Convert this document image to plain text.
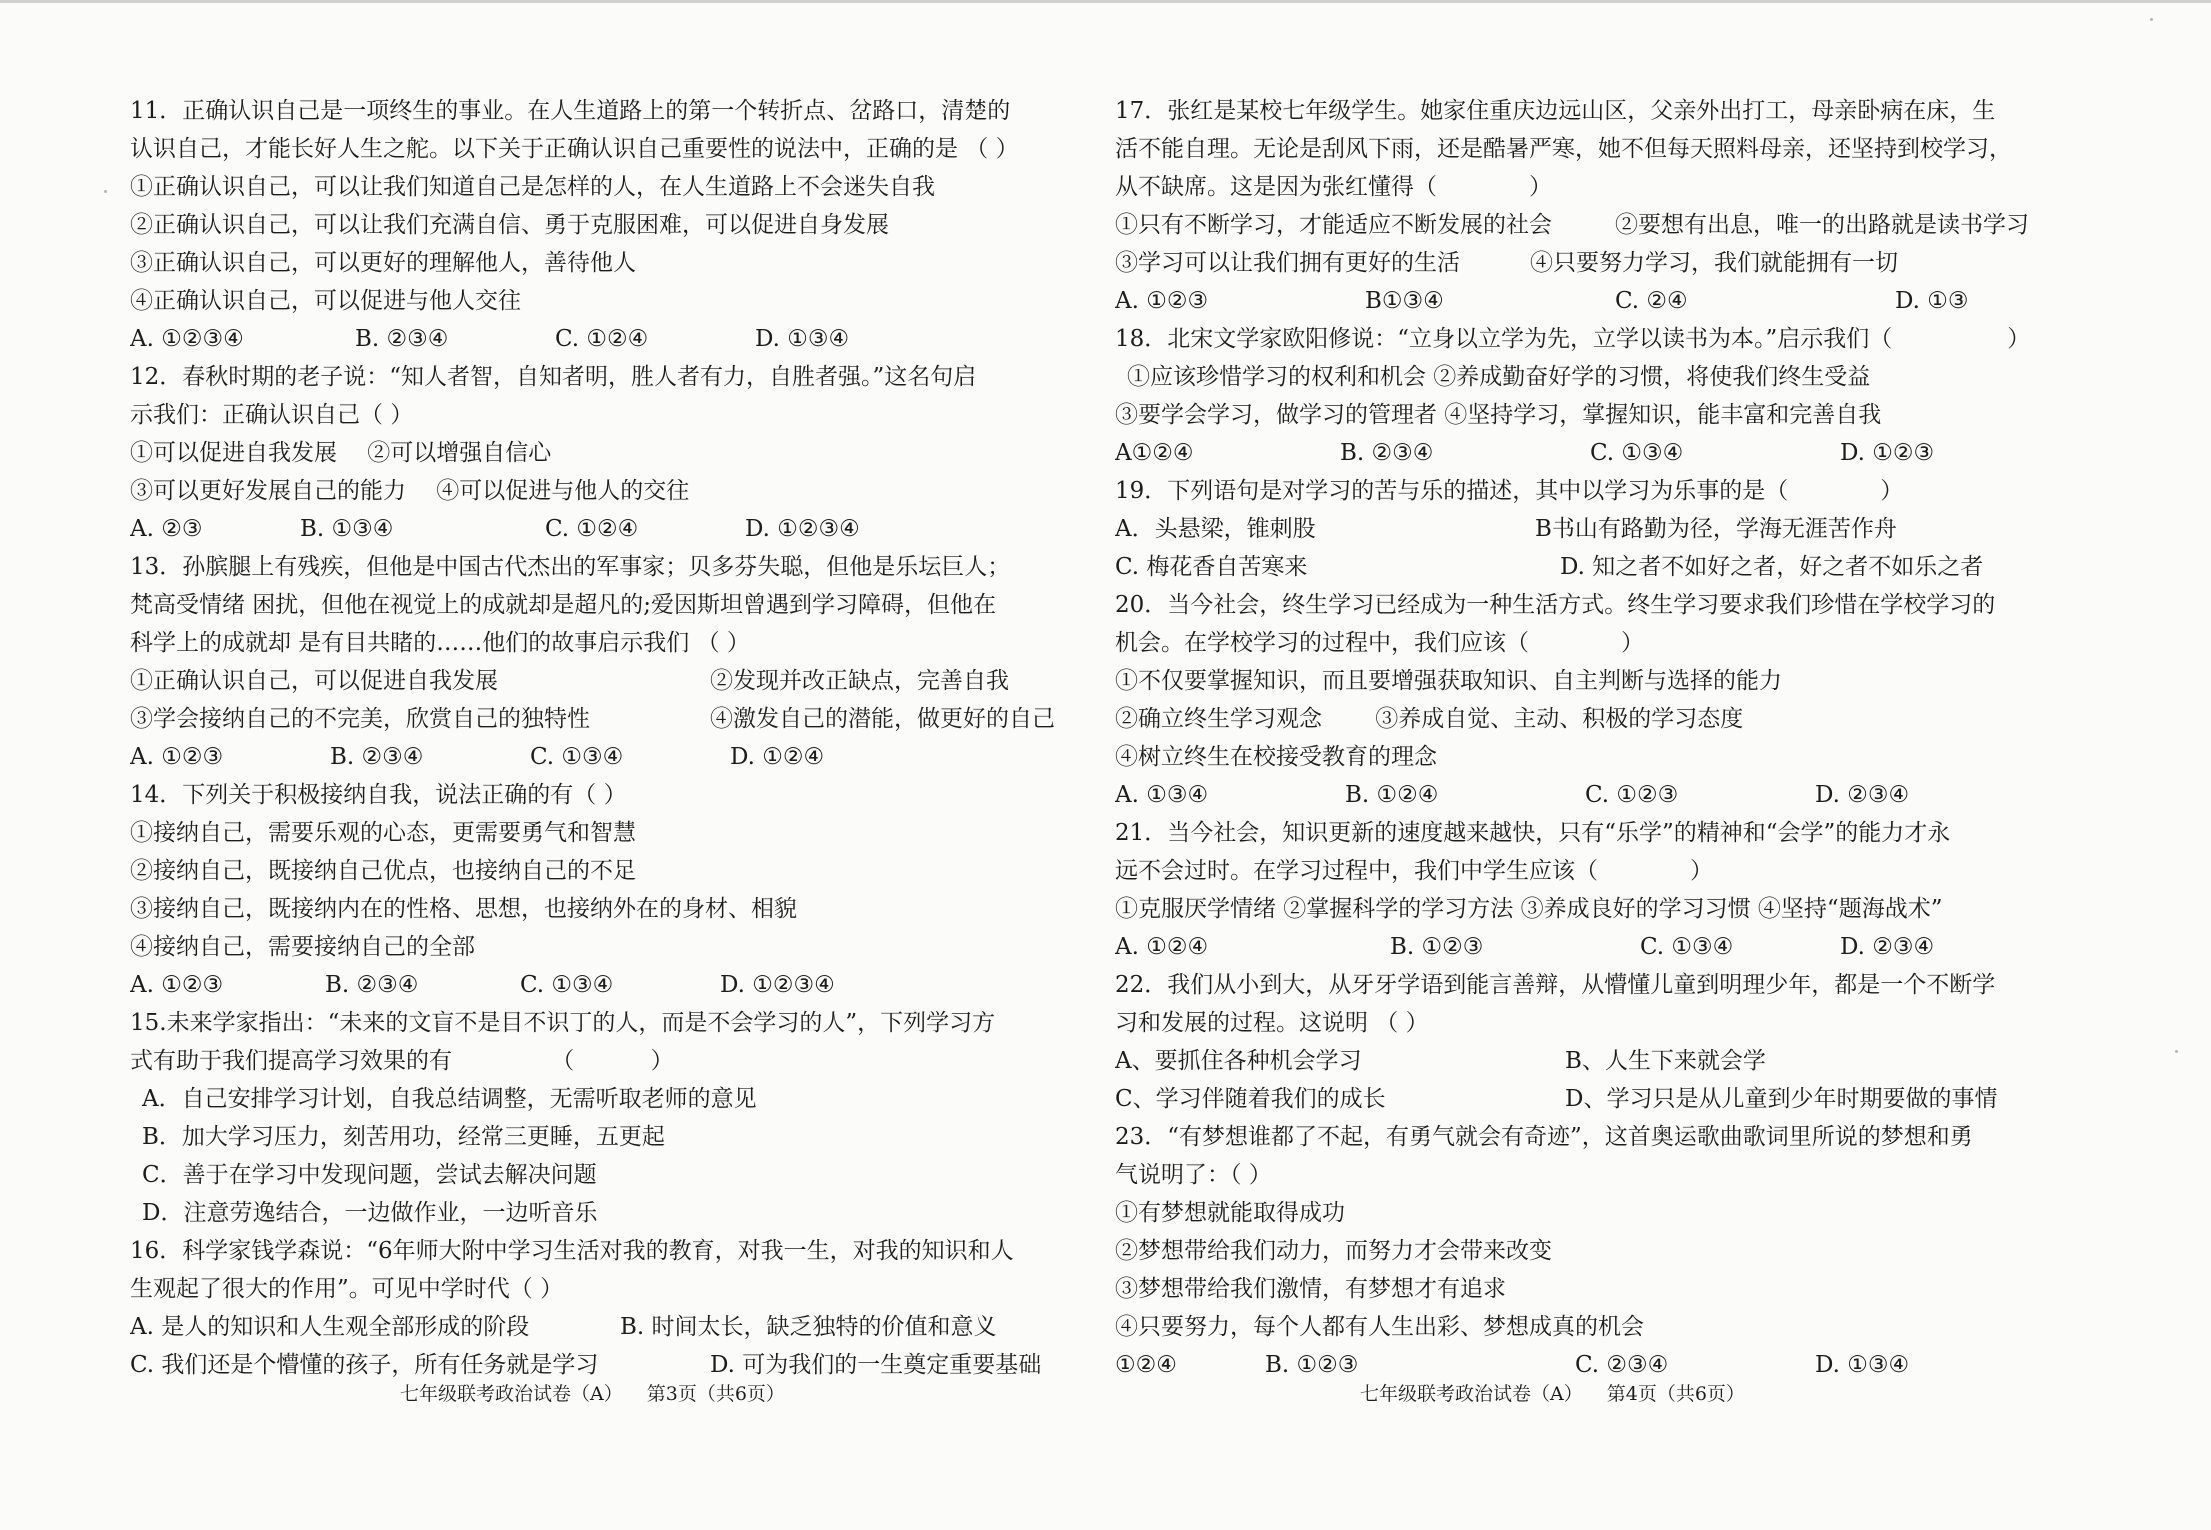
11．正确认识自己是一项终生的事业。在人生道路上的第一个转折点、岔路口，清楚的
认识自己，才能长好人生之舵。以下关于正确认识自己重要性的说法中，正确的是 （ ）
①正确认识自己，可以让我们知道自己是怎样的人，在人生道路上不会迷失自我
②正确认识自己，可以让我们充满自信、勇于克服困难，可以促进自身发展
③正确认识自己，可以更好的理解他人，善待他人
④正确认识自己，可以促进与他人交往
A. ①②③④	B. ②③④	C. ①②④	D. ①③④
12．春秋时期的老子说：“知人者智，自知者明，胜人者有力，自胜者强。”这名句启
示我们：正确认识自己（ ）
①可以促进自我发展　 ②可以增强自信心
③可以更好发展自己的能力　 ④可以促进与他人的交往
A. ②③	B. ①③④	C. ①②④	D. ①②③④
13．孙膑腿上有残疾，但他是中国古代杰出的军事家；贝多芬失聪，但他是乐坛巨人；
梵高受情绪 困扰，但他在视觉上的成就却是超凡的;爱因斯坦曾遇到学习障碍，但他在
科学上的成就却 是有目共睹的……他们的故事启示我们 （ ）
①正确认识自己，可以促进自我发展	②发现并改正缺点，完善自我
③学会接纳自己的不完美，欣赏自己的独特性	④激发自己的潜能，做更好的自己
A. ①②③	B. ②③④	C. ①③④	D. ①②④
14．下列关于积极接纳自我，说法正确的有（ ）
①接纳自己，需要乐观的心态，更需要勇气和智慧
②接纳自己，既接纳自己优点，也接纳自己的不足
③接纳自己，既接纳内在的性格、思想，也接纳外在的身材、相貌
④接纳自己，需要接纳自己的全部
A. ①②③	B. ②③④	C. ①③④	D. ①②③④
15.未来学家指出：“未来的文盲不是目不识丁的人，而是不会学习的人”，下列学习方
式有助于我们提高学习效果的有　　　　 （　　　 ）
A．自己安排学习计划，自我总结调整，无需听取老师的意见
B．加大学习压力，刻苦用功，经常三更睡，五更起
C．善于在学习中发现问题，尝试去解决问题
D．注意劳逸结合，一边做作业，一边听音乐
16．科学家钱学森说：“6年师大附中学习生活对我的教育，对我一生，对我的知识和人
生观起了很大的作用”。可见中学时代（ ）
A. 是人的知识和人生观全部形成的阶段	B. 时间太长，缺乏独特的价值和意义
C. 我们还是个懵懂的孩子，所有任务就是学习	D. 可为我们的一生奠定重要基础
七年级联考政治试卷（A） 第3页（共6页）
17．张红是某校七年级学生。她家住重庆边远山区，父亲外出打工，母亲卧病在床，生
活不能自理。无论是刮风下雨，还是酷暑严寒，她不但每天照料母亲，还坚持到校学习，
从不缺席。这是因为张红懂得（　　　　）
①只有不断学习，才能适应不断发展的社会	②要想有出息，唯一的出路就是读书学习
③学习可以让我们拥有更好的生活	④只要努力学习，我们就能拥有一切
A. ①②③	B①③④	C. ②④	D. ①③
18．北宋文学家欧阳修说：“立身以立学为先，立学以读书为本。”启示我们（　　　　　）
①应该珍惜学习的权利和机会 ②养成勤奋好学的习惯，将使我们终生受益
③要学会学习，做学习的管理者 ④坚持学习，掌握知识，能丰富和完善自我
A①②④	B. ②③④	C. ①③④	D. ①②③
19．下列语句是对学习的苦与乐的描述，其中以学习为乐事的是（　　　　）
A．头悬梁，锥刺股	B书山有路勤为径，学海无涯苦作舟
C. 梅花香自苦寒来	D. 知之者不如好之者，好之者不如乐之者
20．当今社会，终生学习已经成为一种生活方式。终生学习要求我们珍惜在学校学习的
机会。在学校学习的过程中，我们应该（　　　　）
①不仅要掌握知识，而且要增强获取知识、自主判断与选择的能力
②确立终生学习观念　　 ③养成自觉、主动、积极的学习态度
④树立终生在校接受教育的理念
A. ①③④	B. ①②④	C. ①②③	D. ②③④
21．当今社会，知识更新的速度越来越快，只有“乐学”的精神和“会学”的能力才永
远不会过时。在学习过程中，我们中学生应该（　　　　）
①克服厌学情绪 ②掌握科学的学习方法 ③养成良好的学习习惯 ④坚持“题海战术”
A. ①②④	B. ①②③	C. ①③④	D. ②③④
22．我们从小到大，从牙牙学语到能言善辩，从懵懂儿童到明理少年，都是一个不断学
习和发展的过程。这说明 （ ）
A、要抓住各种机会学习	B、人生下来就会学
C、学习伴随着我们的成长	D、学习只是从儿童到少年时期要做的事情
23．“有梦想谁都了不起，有勇气就会有奇迹”，这首奥运歌曲歌词里所说的梦想和勇
气说明了：（ ）
①有梦想就能取得成功
②梦想带给我们动力，而努力才会带来改变
③梦想带给我们激情，有梦想才有追求
④只要努力，每个人都有人生出彩、梦想成真的机会
①②④	B. ①②③	C. ②③④	D. ①③④
七年级联考政治试卷（A） 第4页（共6页）
